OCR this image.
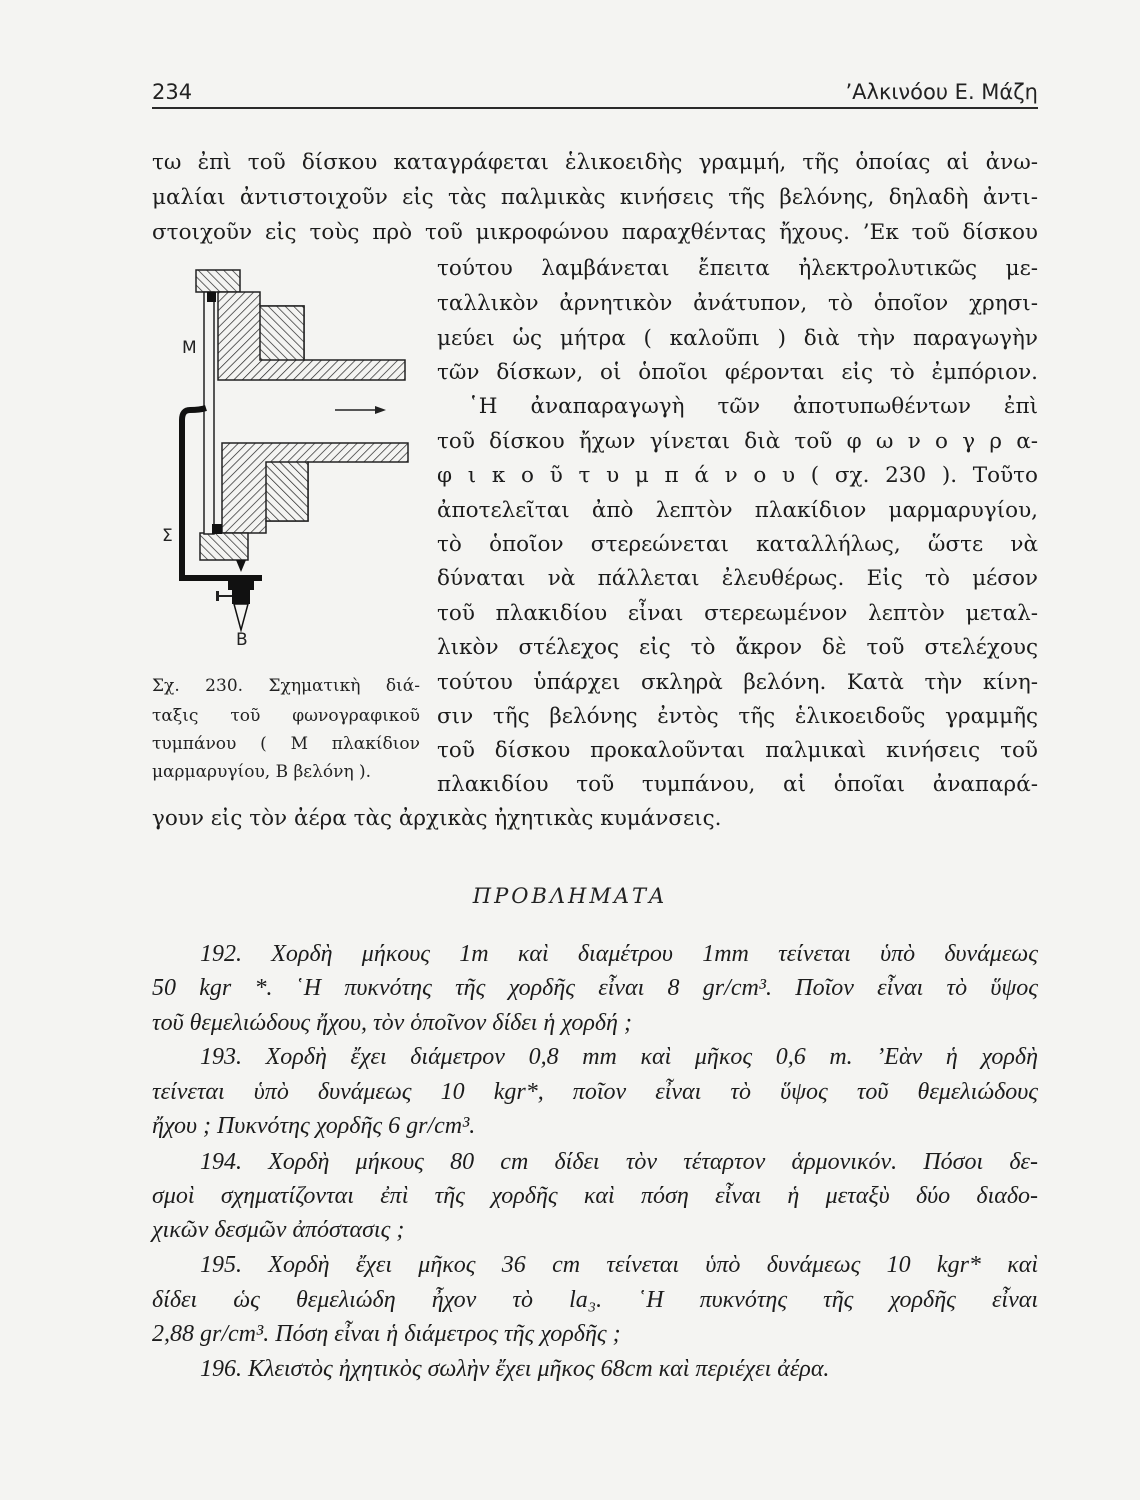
234	’Αλκινόου Ε. Μάζη
τω ἐπὶ τοῦ δίσκου καταγράφεται ἑλικοειδὴς γραμμή, τῆς ὁποίας αἱ ἀνω-
μαλίαι ἀντιστοιχοῦν εἰς τὰς παλμικὰς κινήσεις τῆς βελόνης, δηλαδὴ ἀντι-
στοιχοῦν εἰς τοὺς πρὸ τοῦ μικροφώνου παραχθέντας ἤχους. ’Εκ τοῦ δίσκου
τούτου λαμβάνεται ἔπειτα ἠλεκτρολυτικῶς με-
ταλλικὸν ἀρνητικὸν ἀνάτυπον, τὸ ὁποῖον χρησι-
μεύει ὡς μήτρα ( καλοῦπι ) διὰ τὴν παραγωγὴν
τῶν δίσκων, οἱ ὁποῖοι φέρονται εἰς τὸ ἐμπόριον.
῾Η ἀναπαραγωγὴ τῶν ἀποτυπωθέντων ἐπὶ
τοῦ δίσκου ἤχων γίνεται διὰ τοῦ φ ω ν ο γ ρ α-
φ ι κ ο ῦ τ υ μ π ά ν ο υ ( σχ. 230 ). Τοῦτο
ἀποτελεῖται ἀπὸ λεπτὸν πλακίδιον μαρμαρυγίου,
τὸ ὁποῖον στερεώνεται καταλλήλως, ὥστε νὰ
δύναται νὰ πάλλεται ἐλευθέρως. Εἰς τὸ μέσον
τοῦ πλακιδίου εἶναι στερεωμένον λεπτὸν μεταλ-
λικὸν στέλεχος εἰς τὸ ἄκρον δὲ τοῦ στελέχους
τούτου ὑπάρχει σκληρὰ βελόνη. Κατὰ τὴν κίνη-
σιν τῆς βελόνης ἐντὸς τῆς ἑλικοειδοῦς γραμμῆς
τοῦ δίσκου προκαλοῦνται παλμικαὶ κινήσεις τοῦ
πλακιδίου τοῦ τυμπάνου, αἱ ὁποῖαι ἀναπαρά-
γουν εἰς τὸν ἀέρα τὰς ἀρχικὰς ἠχητικὰς κυμάνσεις.
M
Σ
B
Σχ. 230. Σχηματικὴ διά-
ταξις τοῦ φωνογραφικοῦ
τυμπάνου ( Μ πλακίδιον
μαρμαρυγίου, Β βελόνη ).
ΠΡΟΒΛΗΜΑΤΑ
192. Χορδὴ μήκους 1m καὶ διαμέτρου 1mm τείνεται ὑπὸ δυνάμεως
50 kgr *. ῾Η πυκνότης τῆς χορδῆς εἶναι 8 gr/cm³. Ποῖον εἶναι τὸ ὕψος
τοῦ θεμελιώδους ἤχου, τὸν ὁποῖνον δίδει ἡ χορδή ;
193. Χορδὴ ἔχει διάμετρον 0,8 mm καὶ μῆκος 0,6 m. ’Εὰν ἡ χορδὴ
τείνεται ὑπὸ δυνάμεως 10 kgr*, ποῖον εἶναι τὸ ὕψος τοῦ θεμελιώδους
ἤχου ; Πυκνότης χορδῆς 6 gr/cm³.
194. Χορδὴ μήκους 80 cm δίδει τὸν τέταρτον ἁρμονικόν. Πόσοι δε-
σμοὶ σχηματίζονται ἐπὶ τῆς χορδῆς καὶ πόση εἶναι ἡ μεταξὺ δύο διαδο-
χικῶν δεσμῶν ἀπόστασις ;
195. Χορδὴ ἔχει μῆκος 36 cm τείνεται ὑπὸ δυνάμεως 10 kgr* καὶ
δίδει ὡς θεμελιώδη ἦχον τὸ la₃. ῾Η πυκνότης τῆς χορδῆς εἶναι
2,88 gr/cm³. Πόση εἶναι ἡ διάμετρος τῆς χορδῆς ;
196. Κλειστὸς ἠχητικὸς σωλὴν ἔχει μῆκος 68cm καὶ περιέχει ἀέρα.
